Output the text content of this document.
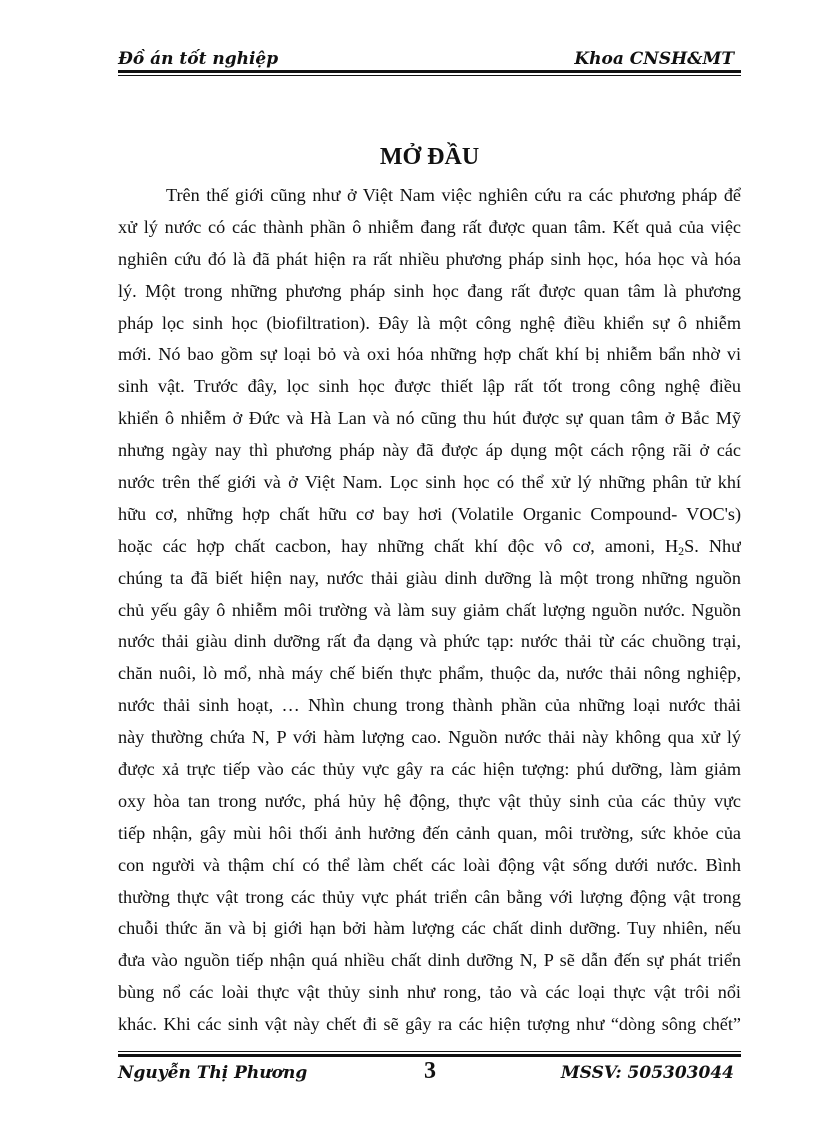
Đồ án tốt nghiệp	Khoa CNSH&MT
MỞ ĐẦU
Trên thế giới cũng như ở Việt Nam việc nghiên cứu ra các phương pháp để
xử lý nước có các thành phần ô nhiễm đang rất được quan tâm. Kết quả của việc
nghiên cứu đó là đã phát hiện ra rất nhiều phương pháp sinh học, hóa học và hóa
lý. Một trong những phương pháp sinh học đang rất được quan tâm là phương
pháp lọc sinh học (biofiltration). Đây là một công nghệ điều khiển sự ô nhiễm
mới. Nó bao gồm sự loại bỏ và oxi hóa những hợp chất khí bị nhiễm bẩn nhờ vi
sinh vật. Trước đây, lọc sinh học được thiết lập rất tốt trong công nghệ điều
khiển ô nhiễm ở Đức và Hà Lan và nó cũng thu hút được sự quan tâm ở Bắc Mỹ
nhưng ngày nay thì phương pháp này đã được áp dụng một cách rộng rãi ở các
nước trên thế giới và ở Việt Nam. Lọc sinh học có thể xử lý những phân tử khí
hữu cơ, những hợp chất hữu cơ bay hơi (Volatile Organic Compound- VOC's)
hoặc các hợp chất cacbon, hay những chất khí độc vô cơ, amoni, $H_2S$. Như
chúng ta đã biết hiện nay, nước thải giàu dinh dưỡng là một trong những nguồn
chủ yếu gây ô nhiễm môi trường và làm suy giảm chất lượng nguồn nước. Nguồn
nước thải giàu dinh dưỡng rất đa dạng và phức tạp: nước thải từ các chuồng trại,
chăn nuôi, lò mổ, nhà máy chế biến thực phẩm, thuộc da, nước thải nông nghiệp,
nước thải sinh hoạt, … Nhìn chung trong thành phần của những loại nước thải
này thường chứa N, P với hàm lượng cao. Nguồn nước thải này không qua xử lý
được xả trực tiếp vào các thủy vực gây ra các hiện tượng: phú dưỡng, làm giảm
oxy hòa tan trong nước, phá hủy hệ động, thực vật thủy sinh của các thủy vực
tiếp nhận, gây mùi hôi thối ảnh hưởng đến cảnh quan, môi trường, sức khỏe của
con người và thậm chí có thể làm chết các loài động vật sống dưới nước. Bình
thường thực vật trong các thủy vực phát triển cân bằng với lượng động vật trong
chuỗi thức ăn và bị giới hạn bởi hàm lượng các chất dinh dưỡng. Tuy nhiên, nếu
đưa vào nguồn tiếp nhận quá nhiều chất dinh dưỡng N, P sẽ dẫn đến sự phát triển
bùng nổ các loài thực vật thủy sinh như rong, tảo và các loại thực vật trôi nổi
khác. Khi các sinh vật này chết đi sẽ gây ra các hiện tượng như “dòng sông chết”
Nguyễn Thị Phương	3	MSSV: 505303044
